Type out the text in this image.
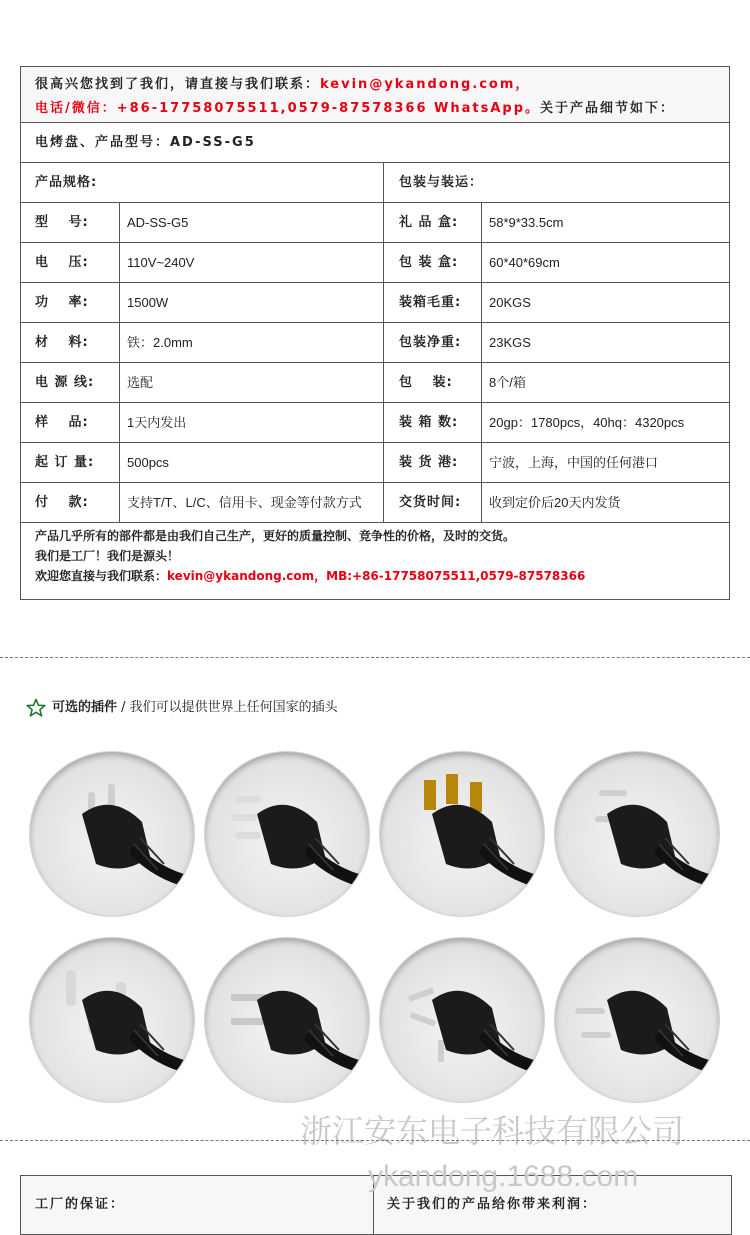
很高兴您找到了我们，请直接与我们联系：kevin@ykandong.com，
电话/微信：+86-17758075511,0579-87578366 WhatsApp。关于产品细节如下：
电烤盘、产品型号：AD-SS-G5
产品规格:	包装与装运：
型　 号:	AD-SS-G5	礼 品 盒: 58*9*33.5cm
电　 压:	110V~240V	包 装 盒: 60*40*69cm
功　 率:	1500W	装箱毛重: 20KGS
材　 料:	铁：2.0mm	包装净重: 23KGS
电 源 线:	选配	包　 装:	8个/箱
样　 品:	1天内发出	装 箱 数: 20gp：1780pcs，40hq：4320pcs
起 订 量:	500pcs	装 货 港: 宁波，上海，中国的任何港口
付　 款:	支持T/T、L/C、信用卡、现金等付款方式	交货时间: 收到定价后20天内发货
产品几乎所有的部件都是由我们自己生产，更好的质量控制、竞争性的价格，及时的交货。
我们是工厂！我们是源头！
欢迎您直接与我们联系：kevin@ykandong.com，MB:+86-17758075511,0579-87578366
可选的插件 / 我们可以提供世界上任何国家的插头
浙江安东电子科技有限公司
ykandong.1688.com
工厂的保证：	关于我们的产品给你带来利润：
